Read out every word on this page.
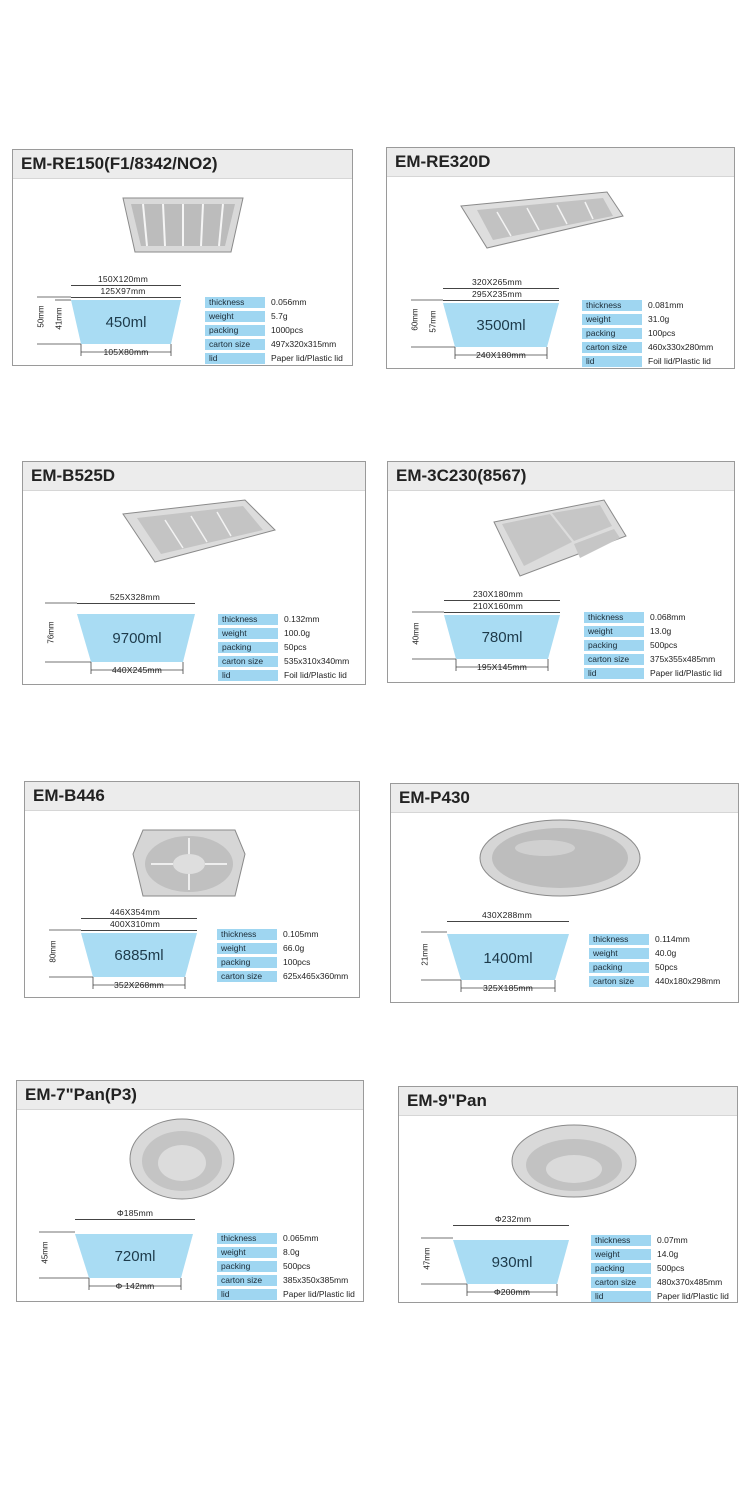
EM-RE150(F1/8342/NO2)
150X120mm
125X97mm
50mm 41mm	450ml
105X80mm
thickness	0.056mm
weight	5.7g
packing	1000pcs
carton size	497x320x315mm
lid	Paper lid/Plastic lid
EM-RE320D
320X265mm
295X235mm
60mm 57mm	3500ml
240X180mm
thickness	0.081mm
weight	31.0g
packing	100pcs
carton size	460x330x280mm
lid	Foil lid/Plastic lid
EM-B525D
525X328mm
76mm	9700ml
440X245mm
thickness	0.132mm
weight	100.0g
packing	50pcs
carton size	535x310x340mm
lid	Foil lid/Plastic lid
EM-3C230(8567)
230X180mm
210X160mm
40mm	780ml
195X145mm
thickness	0.068mm
weight	13.0g
packing	500pcs
carton size	375x355x485mm
lid	Paper lid/Plastic lid
EM-B446
446X354mm
400X310mm
80mm	6885ml
352X268mm
thickness	0.105mm
weight	66.0g
packing	100pcs
carton size	625x465x360mm
EM-P430
430X288mm
21mm	1400ml
325X185mm
thickness	0.114mm
weight	40.0g
packing	50pcs
carton size	440x180x298mm
EM-7"Pan(P3)
Φ185mm
45mm	720ml
Φ 142mm
thickness	0.065mm
weight	8.0g
packing	500pcs
carton size	385x350x385mm
lid	Paper lid/Plastic lid
EM-9"Pan
Φ232mm
47mm	930ml
Φ200mm
thickness	0.07mm
weight	14.0g
packing	500pcs
carton size	480x370x485mm
lid	Paper lid/Plastic lid
